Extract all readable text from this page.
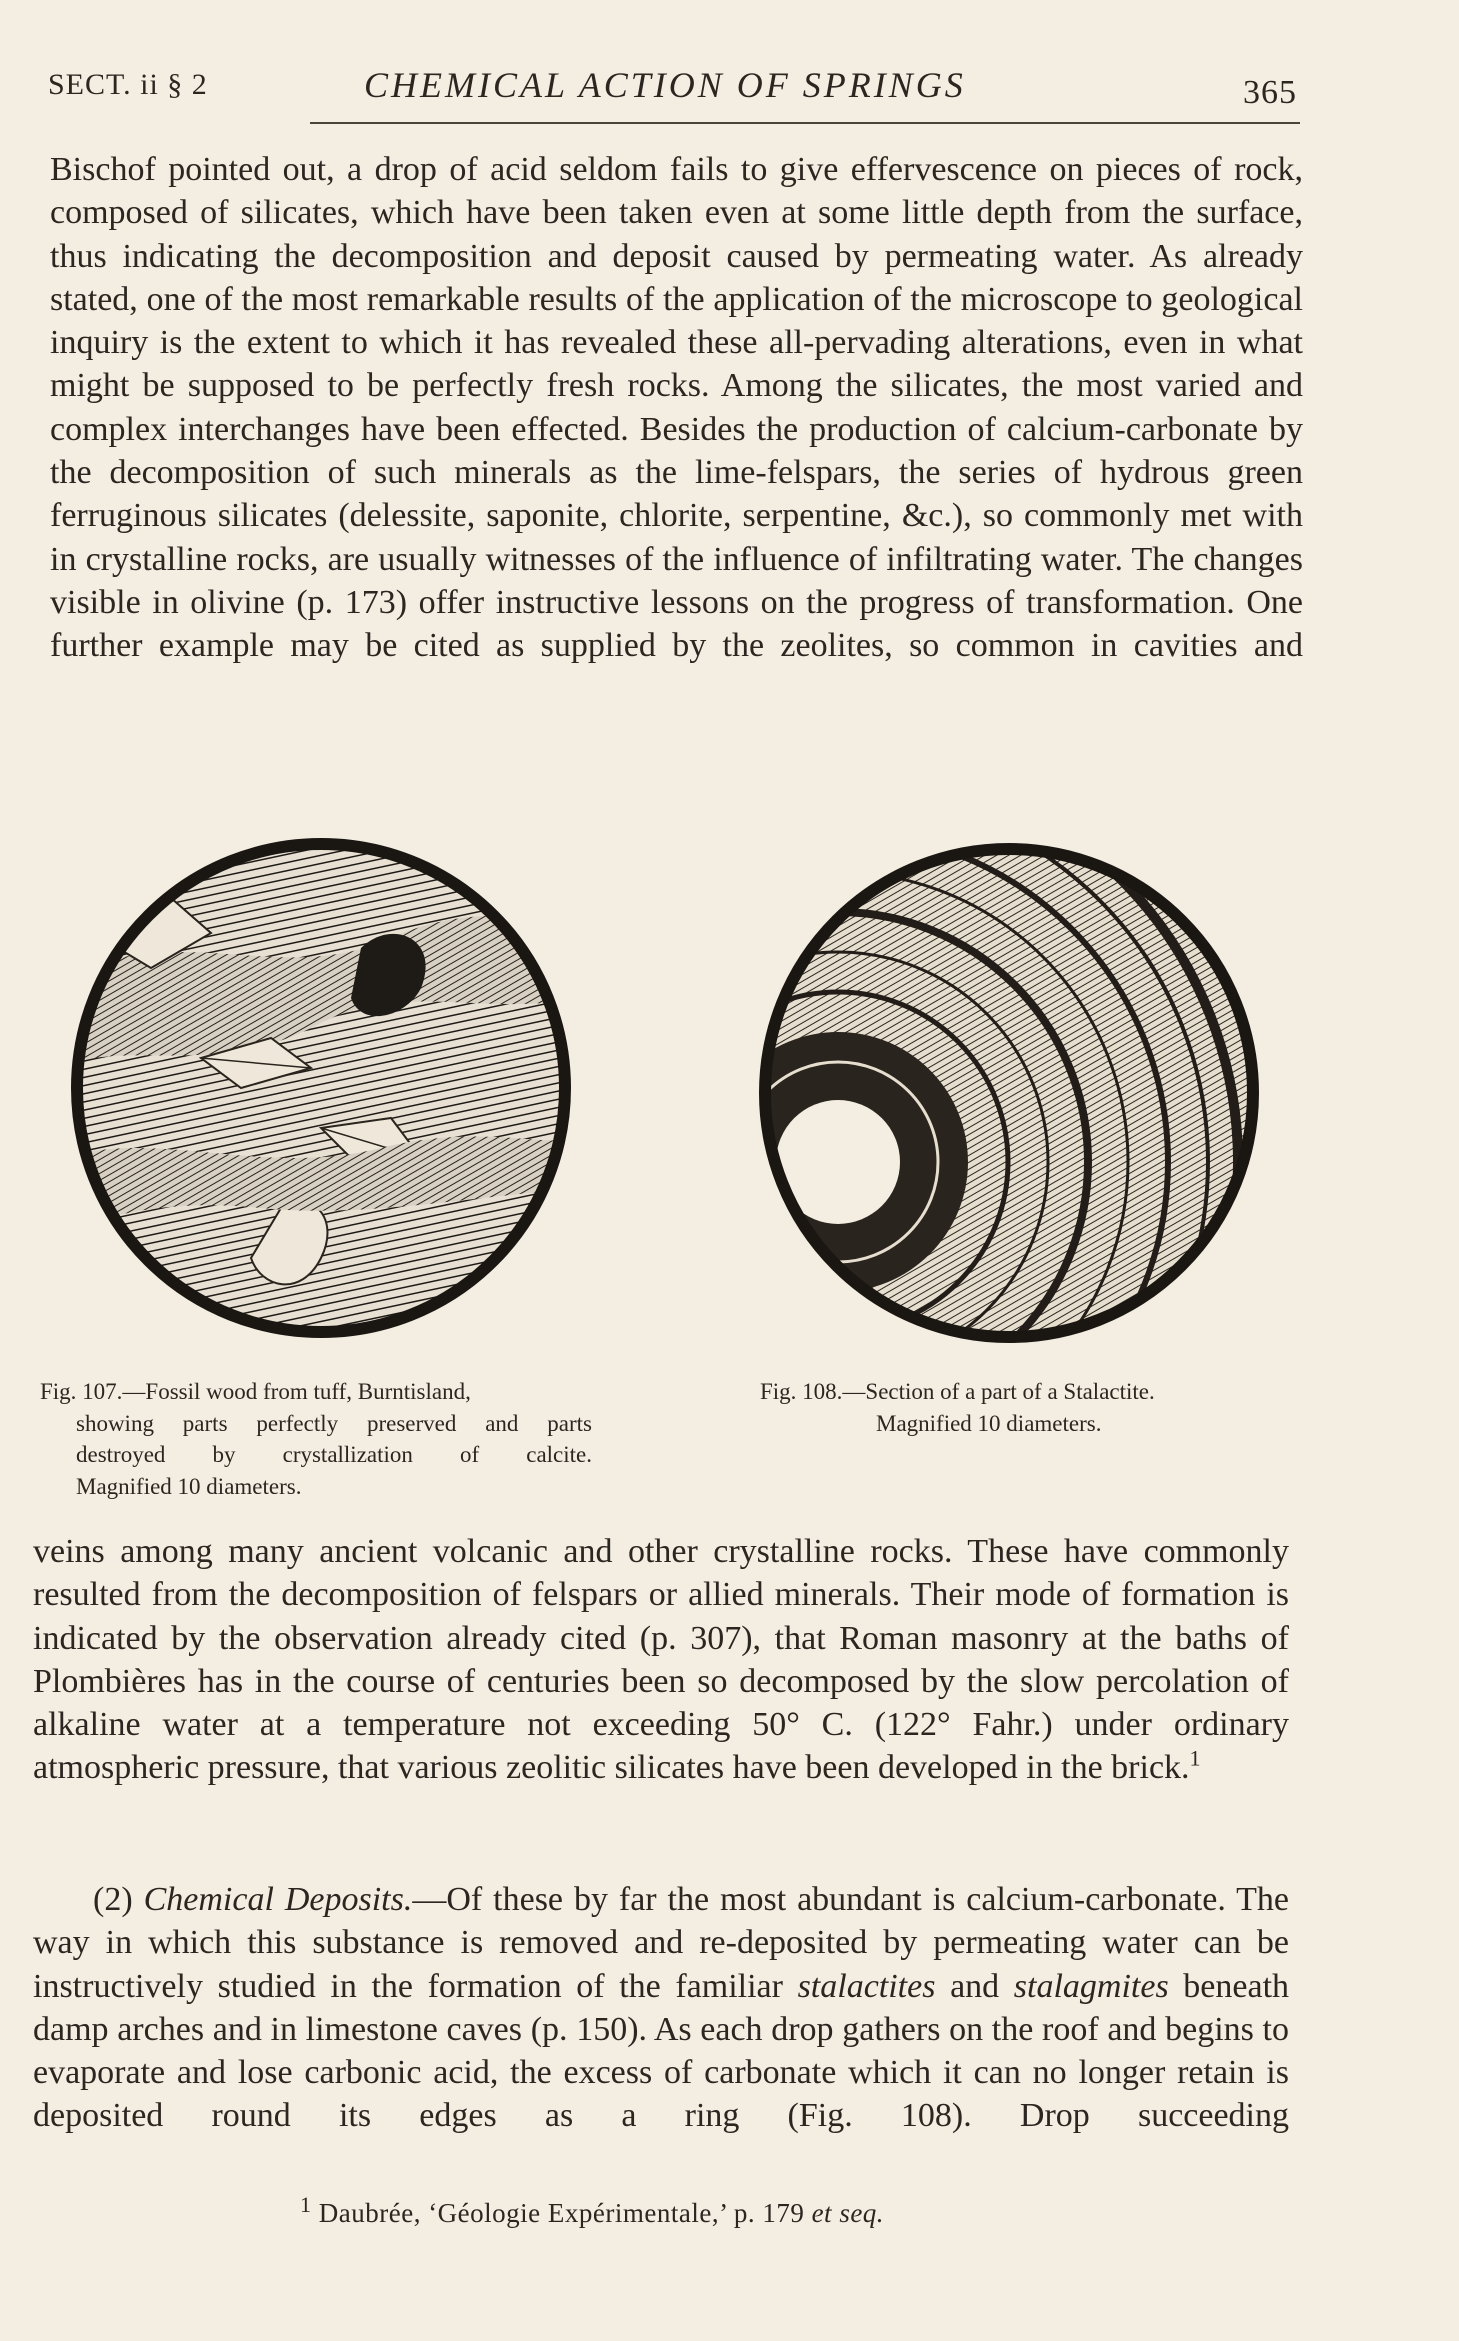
SECT. ii § 2	CHEMICAL ACTION OF SPRINGS	365

Bischof pointed out, a drop of acid seldom fails to give effervescence on pieces of rock, composed of silicates, which have been taken even at some little depth from the surface, thus indicating the decomposition and deposit caused by permeating water. As already stated, one of the most remarkable results of the application of the microscope to geological inquiry is the extent to which it has revealed these all-pervading alterations, even in what might be supposed to be perfectly fresh rocks. Among the silicates, the most varied and complex interchanges have been effected. Besides the production of calcium-carbonate by the decomposition of such minerals as the lime-felspars, the series of hydrous green ferruginous silicates (delessite, saponite, chlorite, serpentine, &c.), so commonly met with in crystalline rocks, are usually witnesses of the influence of infiltrating water. The changes visible in olivine (p. 173) offer instructive lessons on the progress of transformation. One further example may be cited as supplied by the zeolites, so common in cavities and

Fig. 107.—Fossil wood from tuff, Burntisland,
showing parts perfectly preserved and parts
destroyed by crystallization of calcite.
Magnified 10 diameters.
Fig. 108.—Section of a part of a Stalactite.
Magnified 10 diameters.

veins among many ancient volcanic and other crystalline rocks. These have commonly resulted from the decomposition of felspars or allied minerals. Their mode of formation is indicated by the observation already cited (p. 307), that Roman masonry at the baths of Plombières has in the course of centuries been so decomposed by the slow percolation of alkaline water at a temperature not exceeding 50° C. (122° Fahr.) under ordinary atmospheric pressure, that various zeolitic silicates have been developed in the brick.$^1$

(2) Chemical Deposits.—Of these by far the most abundant is calcium-carbonate. The way in which this substance is removed and re-deposited by permeating water can be instructively studied in the formation of the familiar stalactites and stalagmites beneath damp arches and in limestone caves (p. 150). As each drop gathers on the roof and begins to evaporate and lose carbonic acid, the excess of carbonate which it can no longer retain is deposited round its edges as a ring (Fig. 108). Drop succeeding

$^1$ Daubrée, ‘Géologie Expérimentale,’ p. 179 et seq.
